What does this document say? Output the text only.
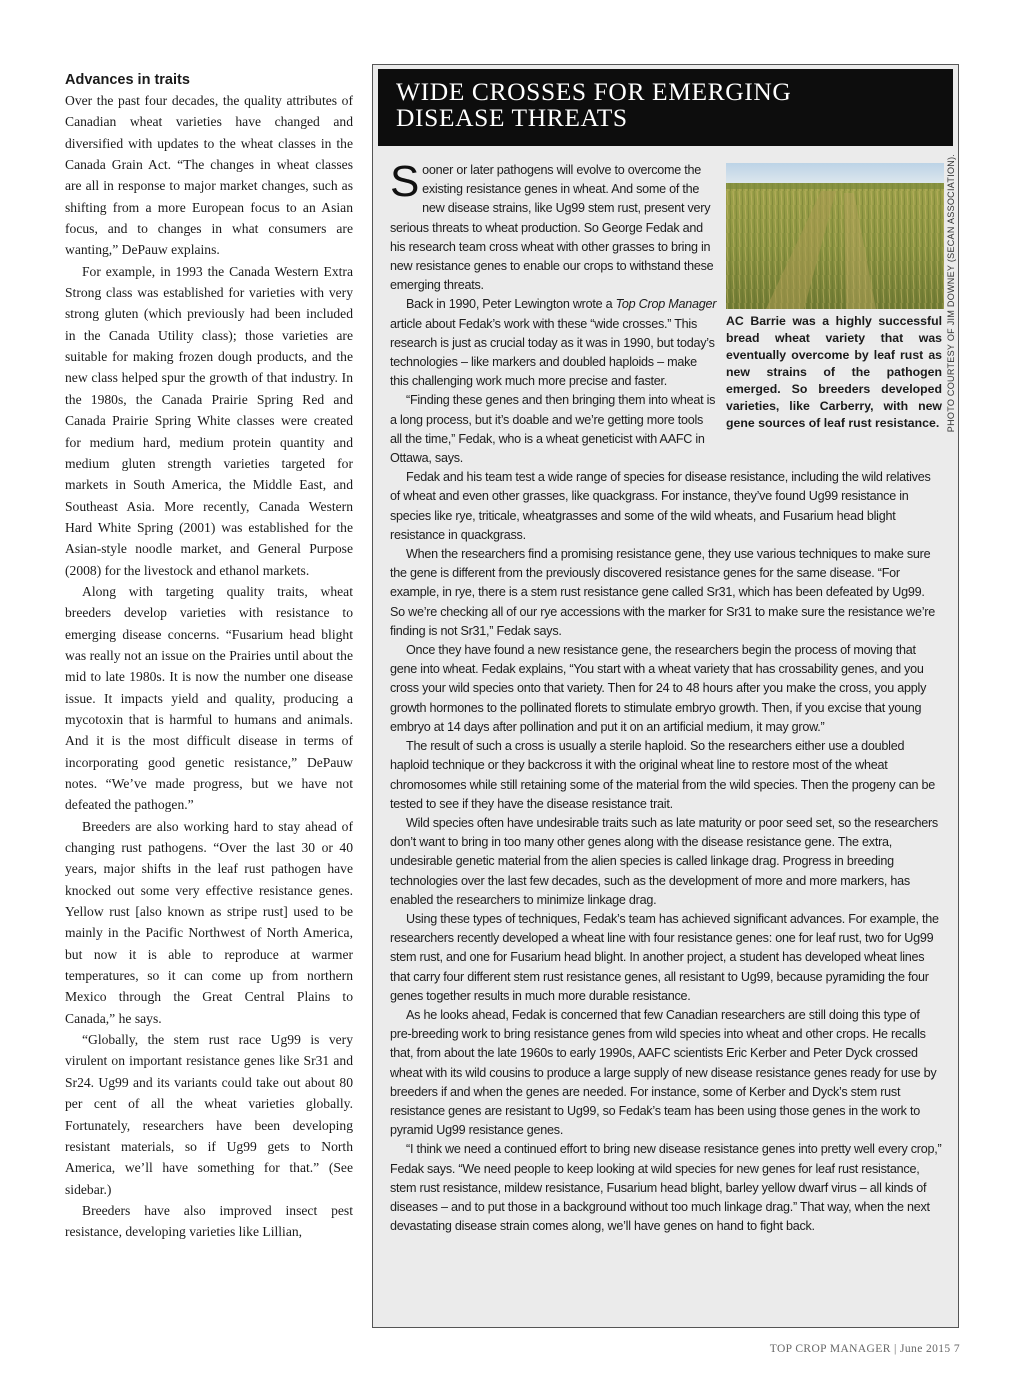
Advances in traits

Over the past four decades, the quality attributes of Canadian wheat varieties have changed and diversified with updates to the wheat classes in the Canada Grain Act. “The changes in wheat classes are all in response to major market changes, such as shifting from a more European focus to an Asian focus, and to changes in what consumers are wanting,” DePauw explains.

For example, in 1993 the Canada Western Extra Strong class was established for varieties with very strong gluten (which previously had been included in the Canada Utility class); those varieties are suitable for making frozen dough products, and the new class helped spur the growth of that industry. In the 1980s, the Canada Prairie Spring Red and Canada Prairie Spring White classes were created for medium hard, medium protein quantity and medium gluten strength varieties targeted for markets in South America, the Middle East, and Southeast Asia. More recently, Canada Western Hard White Spring (2001) was established for the Asian-style noodle market, and General Purpose (2008) for the livestock and ethanol markets.

Along with targeting quality traits, wheat breeders develop varieties with resistance to emerging disease concerns. “Fusarium head blight was really not an issue on the Prairies until about the mid to late 1980s. It is now the number one disease issue. It impacts yield and quality, producing a mycotoxin that is harmful to humans and animals. And it is the most difficult disease in terms of incorporating good genetic resistance,” DePauw notes. “We’ve made progress, but we have not defeated the pathogen.”

Breeders are also working hard to stay ahead of changing rust pathogens. “Over the last 30 or 40 years, major shifts in the leaf rust pathogen have knocked out some very effective resistance genes. Yellow rust [also known as stripe rust] used to be mainly in the Pacific Northwest of North America, but now it is able to reproduce at warmer temperatures, so it can come up from northern Mexico through the Great Central Plains to Canada,” he says.

“Globally, the stem rust race Ug99 is very virulent on important resistance genes like Sr31 and Sr24. Ug99 and its variants could take out about 80 per cent of all the wheat varieties globally. Fortunately, researchers have been developing resistant materials, so if Ug99 gets to North America, we’ll have something for that.” (See sidebar.)

Breeders have also improved insect pest resistance, developing varieties like Lillian,

WIDE CROSSES FOR EMERGING
DISEASE THREATS

Sooner or later pathogens will evolve to overcome the existing resistance genes in wheat. And some of the new disease strains, like Ug99 stem rust, present very serious threats to wheat production. So George Fedak and his research team cross wheat with other grasses to bring in new resistance genes to enable our crops to withstand these emerging threats.

Back in 1990, Peter Lewington wrote a Top Crop Manager article about Fedak’s work with these “wide crosses.” This research is just as crucial today as it was in 1990, but today’s technologies – like markers and doubled haploids – make this challenging work much more precise and faster.

“Finding these genes and then bringing them into wheat is a long process, but it’s doable and we’re getting more tools all the time,” Fedak, who is a wheat geneticist with AAFC in Ottawa, says.

Fedak and his team test a wide range of species for disease resistance, including the wild relatives of wheat and even other grasses, like quackgrass. For instance, they’ve found Ug99 resistance in species like rye, triticale, wheatgrasses and some of the wild wheats, and Fusarium head blight resistance in quackgrass.

When the researchers find a promising resistance gene, they use various techniques to make sure the gene is different from the previously discovered resistance genes for the same disease. “For example, in rye, there is a stem rust resistance gene called Sr31, which has been defeated by Ug99. So we’re checking all of our rye accessions with the marker for Sr31 to make sure the resistance we’re finding is not Sr31,” Fedak says.

Once they have found a new resistance gene, the researchers begin the process of moving that gene into wheat. Fedak explains, “You start with a wheat variety that has crossability genes, and you cross your wild species onto that variety. Then for 24 to 48 hours after you make the cross, you apply growth hormones to the pollinated florets to stimulate embryo growth. Then, if you excise that young embryo at 14 days after pollination and put it on an artificial medium, it may grow.”

The result of such a cross is usually a sterile haploid. So the researchers either use a doubled haploid technique or they backcross it with the original wheat line to restore most of the wheat chromosomes while still retaining some of the material from the wild species. Then the progeny can be tested to see if they have the disease resistance trait.

Wild species often have undesirable traits such as late maturity or poor seed set, so the researchers don’t want to bring in too many other genes along with the disease resistance gene. The extra, undesirable genetic material from the alien species is called linkage drag. Progress in breeding technologies over the last few decades, such as the development of more and more markers, has enabled the researchers to minimize linkage drag.

Using these types of techniques, Fedak’s team has achieved significant advances. For example, the researchers recently developed a wheat line with four resistance genes: one for leaf rust, two for Ug99 stem rust, and one for Fusarium head blight. In another project, a student has developed wheat lines that carry four different stem rust resistance genes, all resistant to Ug99, because pyramiding the four genes together results in much more durable resistance.

As he looks ahead, Fedak is concerned that few Canadian researchers are still doing this type of pre-breeding work to bring resistance genes from wild species into wheat and other crops. He recalls that, from about the late 1960s to early 1990s, AAFC scientists Eric Kerber and Peter Dyck crossed wheat with its wild cousins to produce a large supply of new disease resistance genes ready for use by breeders if and when the genes are needed. For instance, some of Kerber and Dyck’s stem rust resistance genes are resistant to Ug99, so Fedak’s team has been using those genes in the work to pyramid Ug99 resistance genes.

“I think we need a continued effort to bring new disease resistance genes into pretty well every crop,” Fedak says. “We need people to keep looking at wild species for new genes for leaf rust resistance, stem rust resistance, mildew resistance, Fusarium head blight, barley yellow dwarf virus – all kinds of diseases – and to put those in a background without too much linkage drag.” That way, when the next devastating disease strain comes along, we’ll have genes on hand to fight back.

PHOTO COURTESY OF JIM DOWNEY (SECAN ASSOCIATION).

AC Barrie was a highly successful bread wheat variety that was eventually overcome by leaf rust as new strains of the pathogen emerged. So breeders developed varieties, like Carberry, with new gene sources of leaf rust resistance.

TOP CROP MANAGER | June 2015 7
